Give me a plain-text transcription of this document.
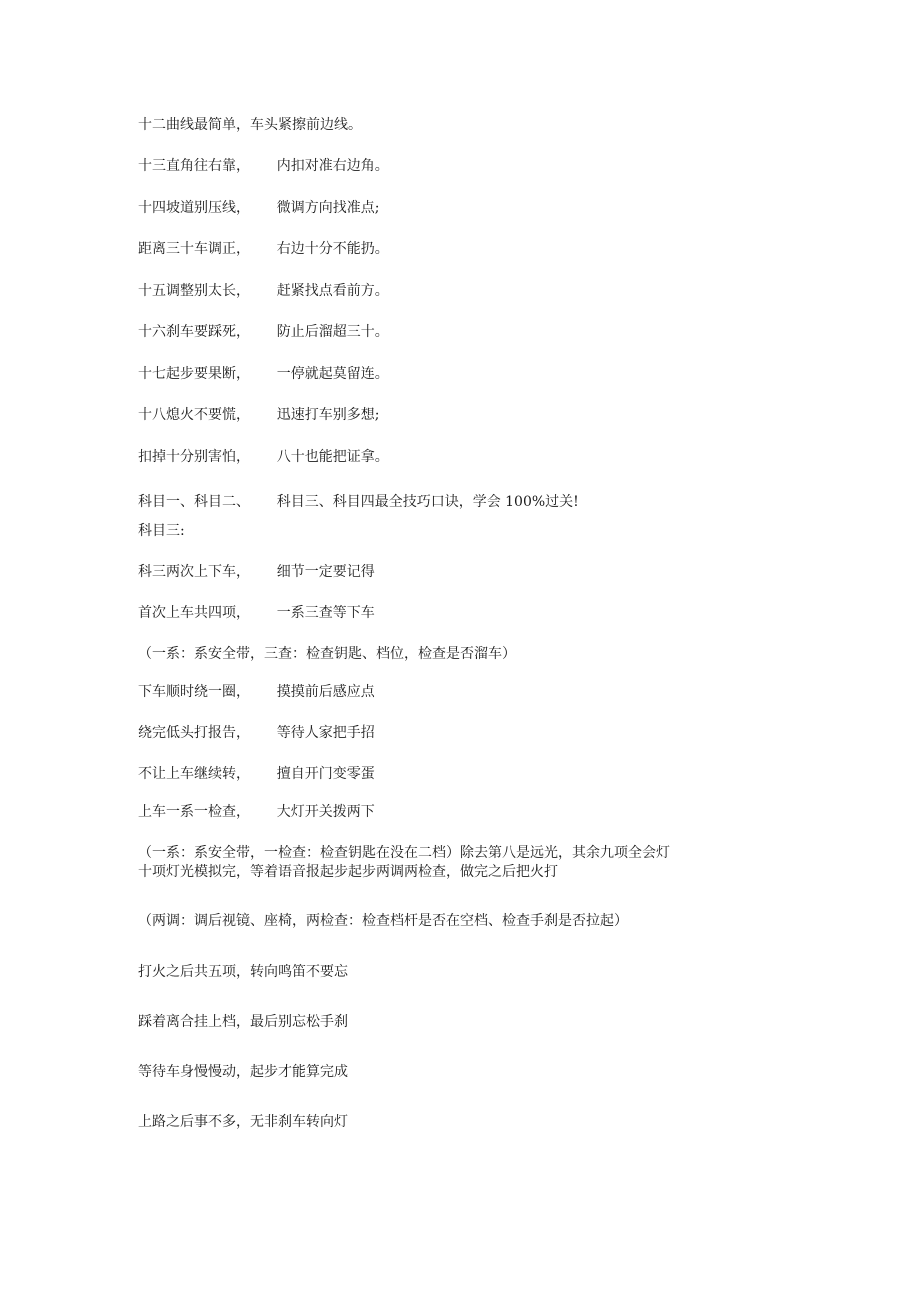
十二曲线最简单，车头紧擦前边线。
十三直角往右靠，      内扣对准右边角。
十四坡道别压线，      微调方向找准点;
距离三十车调正，      右边十分不能扔。
十五调整别太长，      赶紧找点看前方。
十六刹车要踩死，      防止后溜超三十。
十七起步要果断，      一停就起莫留连。
十八熄火不要慌，      迅速打车别多想;
扣掉十分别害怕，      八十也能把证拿。
科目一、科目二、      科目三、科目四最全技巧口诀，学会 100%过关!
科目三:
科三两次上下车，      细节一定要记得
首次上车共四项，      一系三查等下车
（一系：系安全带，三查：检查钥匙、档位，检查是否溜车）
下车顺时绕一圈，      摸摸前后感应点
绕完低头打报告，      等待人家把手招
不让上车继续转，      擅自开门变零蛋
上车一系一检查，      大灯开关拨两下
（一系：系安全带，一检查：检查钥匙在没在二档）除去第八是远光，其余九项全会灯
十项灯光模拟完，等着语音报起步起步两调两检查，做完之后把火打
（两调：调后视镜、座椅，两检查：检查档杆是否在空档、检查手刹是否拉起）
打火之后共五项，转向鸣笛不要忘
踩着离合挂上档，最后别忘松手刹
等待车身慢慢动，起步才能算完成
上路之后事不多，无非刹车转向灯
